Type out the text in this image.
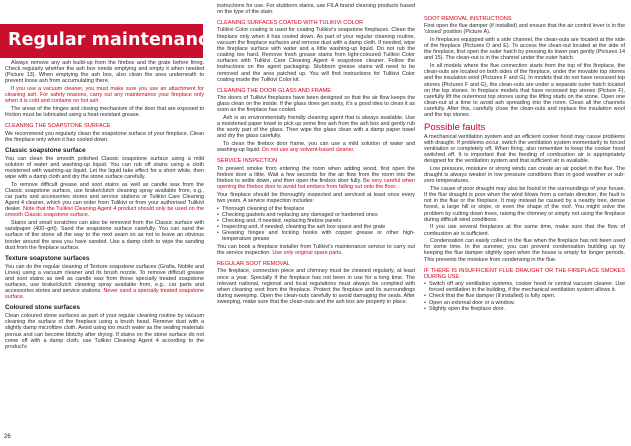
Regular maintenance

Always remove any ash build-up from the firebox and the grate before firing. Check regularly whether the ash box needs emptying and empty it when needed (Picture 13). When emptying the ash box, also clean the area underneath to prevent loose ash from accumulating there.

If you use a vacuum cleaner, you must make sure you use an attachment for cleaning ash. For safety reasons, carry out any maintenance your fireplace only when it is cold and contains no hot ash.

The areas of the hinges and closing mechanism of the door that are exposed to friction must be lubricated using a heat-resistant grease.

CLEANING THE SOAPSTONE SURFACE

We recommend you regularly clean the soapstone surface of your fireplace. Clean the fireplace only when it has cooled down.

Classic soapstone surface

You can clean the smooth polished Classic soapstone surface using a mild solution of water and washing-up liquid. You can rub off stains using a cloth moistened with washing-up liquid. Let the liquid take effect for a short while, then wipe with a damp cloth and dry the stone surface carefully.

To remove difficult grease and soot stains as well as candle wax from the Classic soapstone surface, use brake/clutch cleaning spray available from, e.g., car parts and accessories stores and service stations or Tulikivi Care Cleaning Agent 4 cleaner, which you can order from Tulikivi or from your authorised Tulikivi dealer. Note that the Tulikivi Cleaning Agent 4 product should only be used on the smooth Classic soapstone surface.

Stains and small scratches can also be removed from the Classic surface with sandpaper (400–grit). Sand the soapstone surface carefully. You can sand the surface of the stone all the way to the next seam so as not to leave an obvious border around the area you have sanded. Use a damp cloth to wipe the sanding dust from the fireplace surface.

Texture soapstone surfaces

You can do the regular cleaning of Texture soapstone surfaces (Grafia, Nobile and Linea) using a vacuum cleaner and its brush nozzle. To remove difficult grease and soot stains as well as candle wax from these specially treated soapstone surfaces, use brake/clutch cleaning spray available from, e.g., car parts and accessories stores and service stations. Never sand a specially treated soapstone surface.

Coloured stone surfaces

Clean coloured stone surfaces as part of your regular cleaning routine by vacuum cleaning the surface of the fireplace using a brush head. Remove dust with a slightly damp microfibre cloth. Avoid using too much water as the sealing materials porous and can become blotchy after drying. If stains on the stone surface do not come off with a damp cloth, use Tulikivi Cleaning Agent 4 according to the product's

26

instructions for use. For stubborn stains, use FILA brand cleaning products based on the type of the stain.

CLEANING SURFACES COATED WITH TULIKIVI COLOR

Tulikivi Color coating is used for coating Tulikivi's soapstone fireplaces. Clean the fireplace only when it has cooled down. As part of your regular cleaning routine, vacuum the fireplace surfaces and remove dust with a damp cloth. If needed, wipe the fireplace surface with water and a little washing-up liquid. Do not rub the coating too hard. Remove fresh grease stains from light-coloured Tulikivi Color surfaces with Tulikivi Care Cleaning Agent 4 soapstone cleaner. Follow the instructions on the agent packaging. Stubborn grease stains will need to be removed and the area patched up. You will find instructions for Tulikivi Color coating inside the Tulikivi Color kit.

CLEANING THE DOOR GLASS AND FRAME

The doors of Tulikivi fireplaces have been designed so that the air flow keeps the glass clean on the inside. If the glass does get sooty, it's a good idea to clean it as soon as the fireplace has cooled.

Ash is an environmentally friendly cleaning agent that is always available. Use a moistened paper towel to pick up some fine ash from the ash box and gently rub the sooty part of the glass. Then wipe the glass clean with a damp paper towel and dry the glass carefully.

To clean the firebox door frame, you can use a mild solution of water and washing-up liquid. Do not use any solvent-based cleaner.

SERVICE INSPECTION

To prevent smoke from entering the room when adding wood, first open the firebox door a little. Wait a few seconds for the air flow from the room into the firebox to settle down, and then open the firebox door fully. Be very careful when opening the firebox door to avoid hot embers from falling out onto the floor.

Your fireplace should be thoroughly inspected and serviced at least once every two years. A service inspection includes:

• Thorough cleaning of the fireplace
• Checking gaskets and replacing any damaged or hardened ones
• Checking and, if needed, replacing firebox panels
• Inspecting and, if needed, cleaning the ash box space and the grate
• Greasing hinges and locking hooks with copper grease or other high-temperature grease

You can book a fireplace installer from Tulikivi's maintenance service to carry out the service inspection. Use only original spare parts.

REGULAR SOOT REMOVAL

The fireplace, connection piece and chimney must be cleaned regularly, at least once a year. Specially if the fireplace has not been in use for a long time. The relevant national, regional and local regulations must always be complied with when cleaning soot from the fireplace. Protect the fireplace and its surroundings during sweeping. Open the clean-outs carefully to avoid damaging the seals. After sweeping, make sure that the clean-outs and the ash box are properly in place.

SOOT REMOVAL INSTRUCTIONS

First open the flue damper (if installed) and ensure that the air control lever is in the 'closed' position (Picture A).

In fireplaces equipped with a side channel, the clean-outs are located at the side of the fireplace (Pictures D and E). To access the clean-out located at the side of the fireplace, first open the outer hatch by pressing its lower part gently (Pictures 14 and 15). The clean-out is in the channel under the outer hatch.

In all models where the flue connection starts from the top of the fireplace, the clean-outs are located on both sides of the fireplace, under the movable top stones and the insulation wool (Pictures F and G). In models that do not have recessed top stones (Pictures F and G), the clean-outs are under a separate outer hatch located on the top stones. In fireplace models that have recessed top stones (Picture F), carefully lift the outermost top stones using the lifting studs on the stone. Open one clean-out at a time to avoid ash spreading into the room. Clean all the channels carefully. After this, carefully close the clean-outs and replace the insulation wool and the top stones.

Possible faults

A mechanical ventilation system and an efficient cooker hood may cause problems with draught. If problems occur, switch the ventilation system momentarily to forced ventilation or completely off. When firing, also remember to keep the cooker hood switched off. It is important that the feeding of combustion air is appropriately designed for the ventilation system and that sufficient air is available.

Low pressure, moisture or strong winds can create an air pocket in the flue. The draught is always weaker in low pressure conditions than in good weather or sub-zero temperatures.

The cause of poor draught may also be found in the surroundings of your house. If the flue draught is poor when the wind blows from a certain direction, the fault is not in the flue or the fireplace. It may instead be caused by a nearby tree, dense forest, a large hill or slope, or even the shape of the roof. You might solve the problem by cutting down trees, raising the chimney or simply not using the fireplace during difficult wind conditions.

If you use several fireplaces at the same time, make sure that the flow of combustion air is sufficient.

Condensation can easily collect in the flue when the fireplace has not been used for some time. In the summer, you can prevent condensation building up by keeping the flue damper slightly open when the house is empty for longer periods. This prevents the moisture from condensing in the flue.

IF THERE IS INSUFFICIENT FLUE DRAUGHT OR THE FIREPLACE SMOKES DURING USE
• Switch off any ventilation systems, cooker hood or central vacuum cleaner. Use forced ventilation in the building, if the mechanical ventilation system allows it.
• Check that the flue damper (if installed) is fully open.
• Open an external door or a window.
• Slightly open the fireplace door.
